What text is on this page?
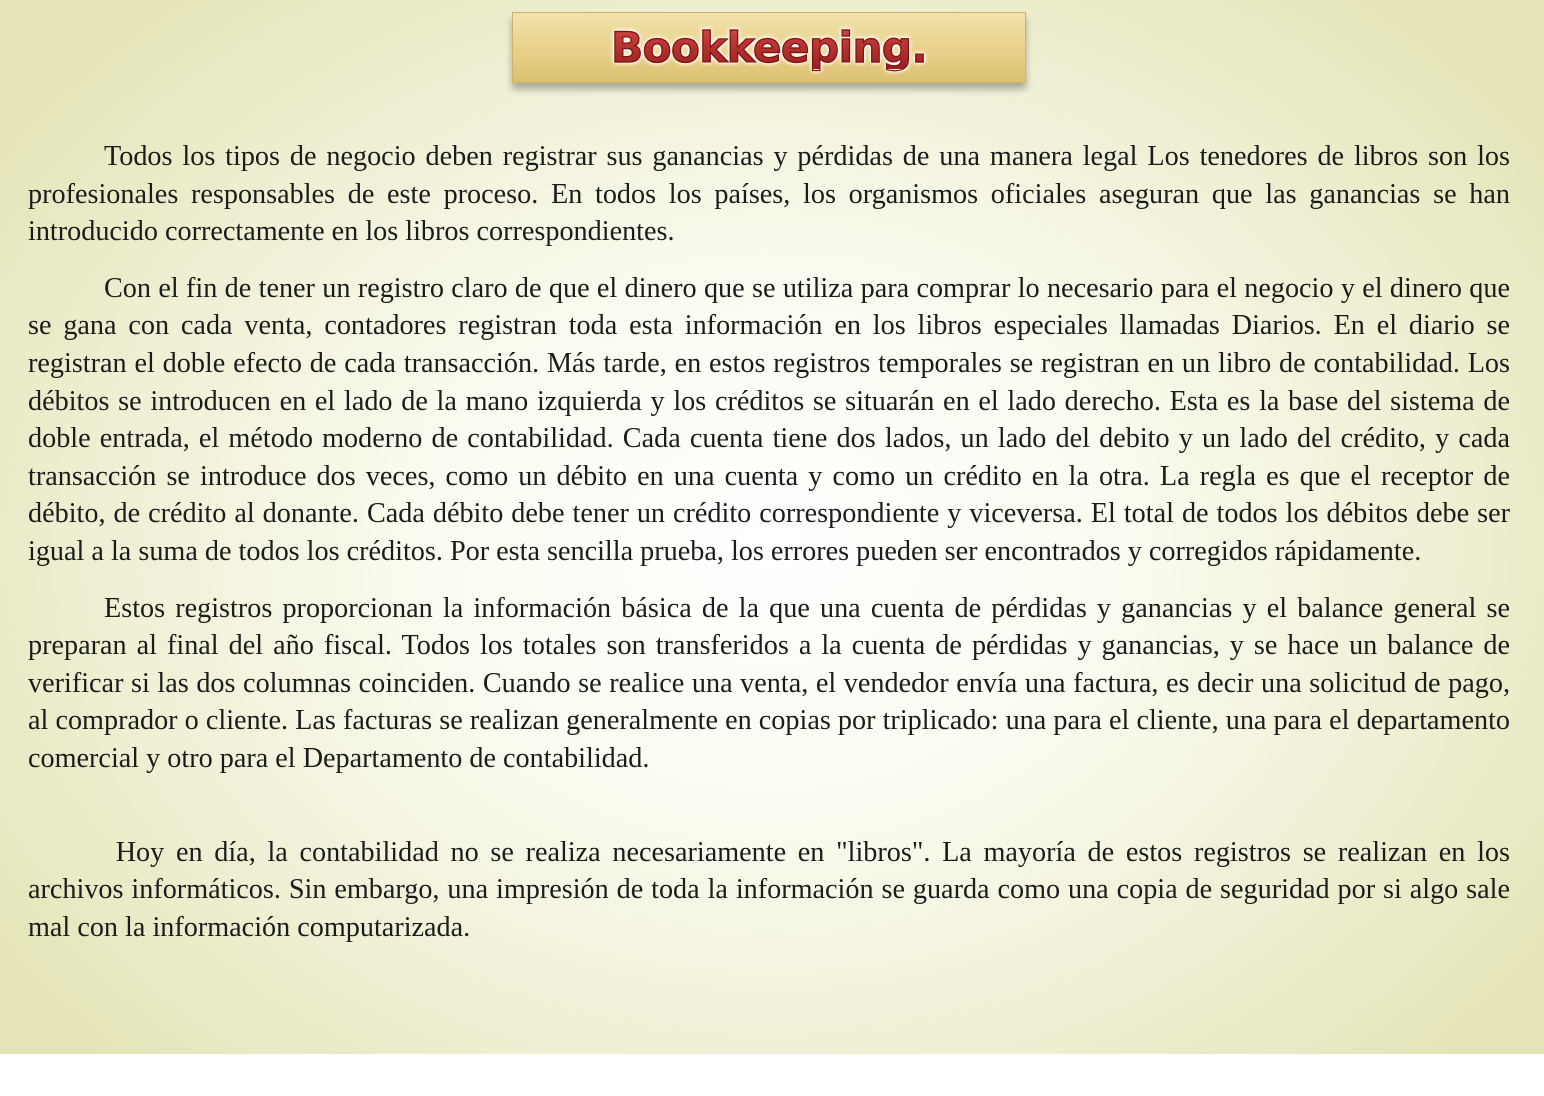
Bookkeeping.

Todos los tipos de negocio deben registrar sus ganancias y pérdidas de una manera legal Los tenedores de libros son los profesionales responsables de este proceso. En todos los países, los organismos oficiales aseguran que las ganancias se han introducido correctamente en los libros correspondientes.

Con el fin de tener un registro claro de que el dinero que se utiliza para comprar lo necesario para el negocio y el dinero que se gana con cada venta, contadores registran toda esta información en los libros especiales llamadas Diarios. En el diario se registran el doble efecto de cada transacción. Más tarde, en estos registros temporales se registran en un libro de contabilidad. Los débitos se introducen en el lado de la mano izquierda y los créditos se situarán en el lado derecho. Esta es la base del sistema de doble entrada, el método moderno de contabilidad. Cada cuenta tiene dos lados, un lado del debito y un lado del crédito, y cada transacción se introduce dos veces, como un débito en una cuenta y como un crédito en la otra. La regla es que el receptor de débito, de crédito al donante. Cada débito debe tener un crédito correspondiente y viceversa. El total de todos los débitos debe ser igual a la suma de todos los créditos. Por esta sencilla prueba, los errores pueden ser encontrados y corregidos rápidamente.

Estos registros proporcionan la información básica de la que una cuenta de pérdidas y ganancias y el balance general se preparan al final del año fiscal. Todos los totales son transferidos a la cuenta de pérdidas y ganancias, y se hace un balance de verificar si las dos columnas coinciden. Cuando se realice una venta, el vendedor envía una factura, es decir una solicitud de pago, al comprador o cliente. Las facturas se realizan generalmente en copias por triplicado: una para el cliente, una para el departamento comercial y otro para el Departamento de contabilidad.

Hoy en día, la contabilidad no se realiza necesariamente en "libros". La mayoría de estos registros se realizan en los archivos informáticos. Sin embargo, una impresión de toda la información se guarda como una copia de seguridad por si algo sale mal con la información computarizada.
